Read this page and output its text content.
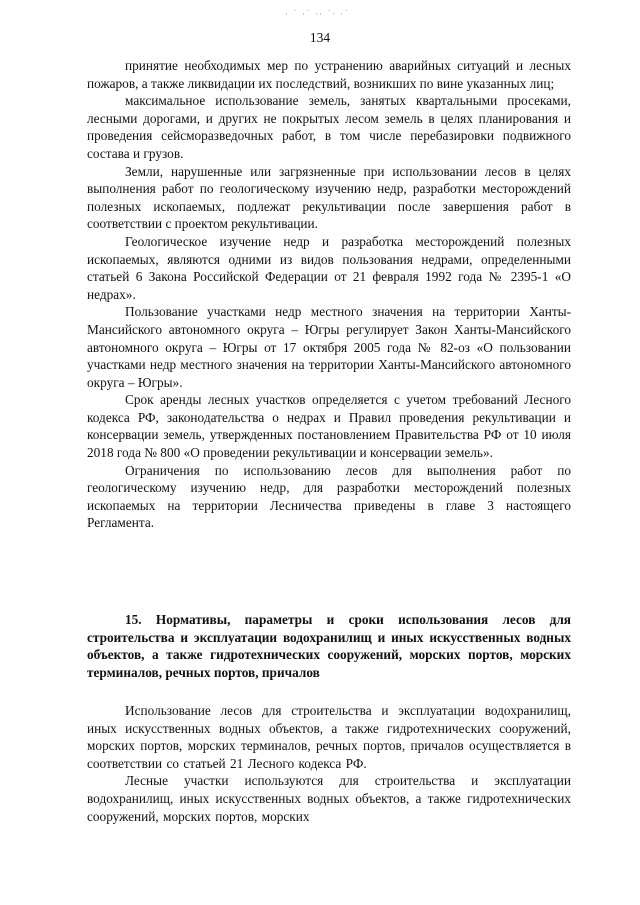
· ˙ ·˙ ·· ˙· ·˙
134

принятие необходимых мер по устранению аварийных ситуаций и лесных пожаров, а также ликвидации их последствий, возникших по вине указанных лиц;

максимальное использование земель, занятых квартальными просеками, лесными дорогами, и других не покрытых лесом земель в целях планирования и проведения сейсморазведочных работ, в том числе перебазировки подвижного состава и грузов.

Земли, нарушенные или загрязненные при использовании лесов в целях выполнения работ по геологическому изучению недр, разработки месторождений полезных ископаемых, подлежат рекультивации после завершения работ в соответствии с проектом рекультивации.

Геологическое изучение недр и разработка месторождений полезных ископаемых, являются одними из видов пользования недрами, определенными статьей 6 Закона Российской Федерации от 21 февраля 1992 года № 2395-1 «О недрах».

Пользование участками недр местного значения на территории Ханты-Мансийского автономного округа – Югры регулирует Закон Ханты-Мансийского автономного округа – Югры от 17 октября 2005 года № 82-оз «О пользовании участками недр местного значения на территории Ханты-Мансийского автономного округа – Югры».

Срок аренды лесных участков определяется с учетом требований Лесного кодекса РФ, законодательства о недрах и Правил проведения рекультивации и консервации земель, утвержденных постановлением Правительства РФ от 10 июля 2018 года № 800 «О проведении рекультивации и консервации земель».

Ограничения по использованию лесов для выполнения работ по геологическому изучению недр, для разработки месторождений полезных ископаемых на территории Лесничества приведены в главе 3 настоящего Регламента.

15. Нормативы, параметры и сроки использования лесов для строительства и эксплуатации водохранилищ и иных искусственных водных объектов, а также гидротехнических сооружений, морских портов, морских терминалов, речных портов, причалов

Использование лесов для строительства и эксплуатации водохранилищ, иных искусственных водных объектов, а также гидротехнических сооружений, морских портов, морских терминалов, речных портов, причалов осуществляется в соответствии со статьей 21 Лесного кодекса РФ.

Лесные участки используются для строительства и эксплуатации водохранилищ, иных искусственных водных объектов, а также гидротехнических сооружений, морских портов, морских
